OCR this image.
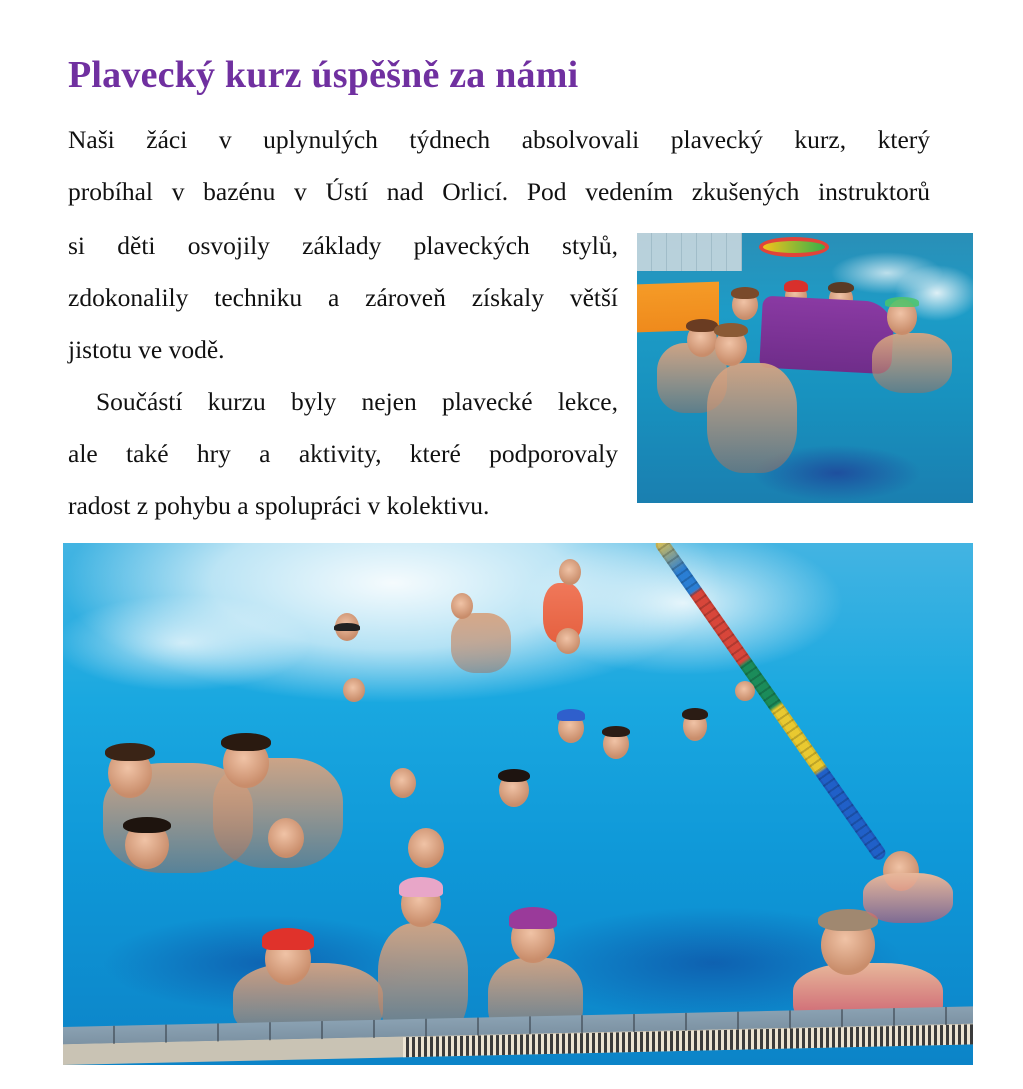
Plavecký kurz úspěšně za námi
Naši žáci v uplynulých týdnech absolvovali plavecký kurz, který
probíhal v bazénu v Ústí nad Orlicí. Pod vedením zkušených instruktorů
si děti osvojily základy plaveckých stylů,
zdokonalily techniku a zároveň získaly větší
jistotu ve vodě.
Součástí kurzu byly nejen plavecké lekce,
ale také hry a aktivity, které podporovaly
radost z pohybu a spolupráci v kolektivu.
